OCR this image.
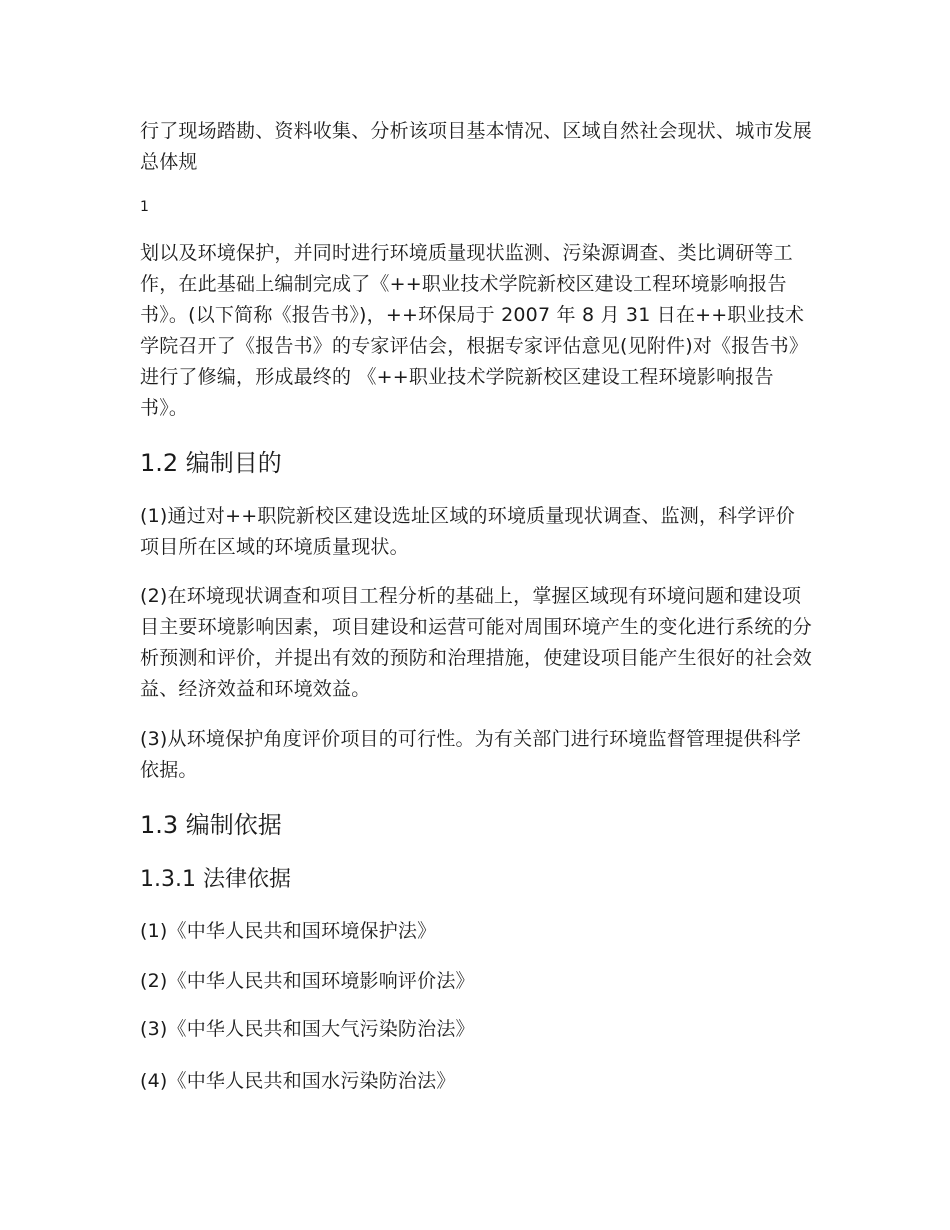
行了现场踏勘、资料收集、分析该项目基本情况、区域自然社会现状、城市发展总体规

1

划以及环境保护，并同时进行环境质量现状监测、污染源调查、类比调研等工作，在此基础上编制完成了《++职业技术学院新校区建设工程环境影响报告书》。(以下简称《报告书》)，++环保局于 2007 年 8 月 31 日在++职业技术学院召开了《报告书》的专家评估会，根据专家评估意见(见附件)对《报告书》进行了修编，形成最终的 《++职业技术学院新校区建设工程环境影响报告书》。

1.2 编制目的

(1)通过对++职院新校区建设选址区域的环境质量现状调查、监测，科学评价项目所在区域的环境质量现状。

(2)在环境现状调查和项目工程分析的基础上，掌握区域现有环境问题和建设项目主要环境影响因素，项目建设和运营可能对周围环境产生的变化进行系统的分析预测和评价，并提出有效的预防和治理措施，使建设项目能产生很好的社会效益、经济效益和环境效益。

(3)从环境保护角度评价项目的可行性。为有关部门进行环境监督管理提供科学依据。

1.3 编制依据
1.3.1 法律依据

(1)《中华人民共和国环境保护法》

(2)《中华人民共和国环境影响评价法》

(3)《中华人民共和国大气污染防治法》

(4)《中华人民共和国水污染防治法》
